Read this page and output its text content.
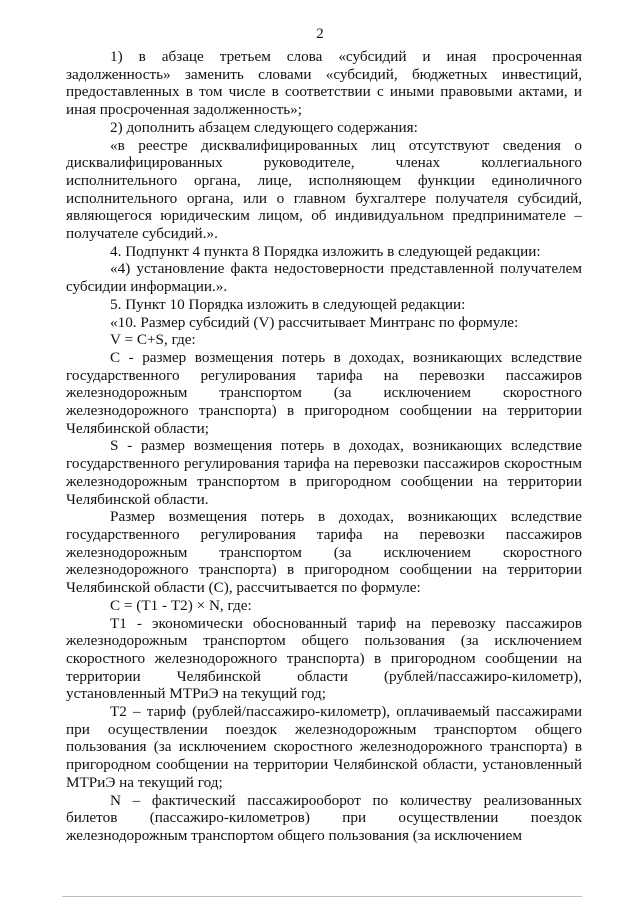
2

1) в абзаце третьем слова «субсидий и иная просроченная задолженность» заменить словами «субсидий, бюджетных инвестиций, предоставленных в том числе в соответствии с иными правовыми актами, и иная просроченная задолженность»;

2) дополнить абзацем следующего содержания:

«в реестре дисквалифицированных лиц отсутствуют сведения о дисквалифицированных руководителе, членах коллегиального исполнительного органа, лице, исполняющем функции единоличного исполнительного органа, или о главном бухгалтере получателя субсидий, являющегося юридическим лицом, об индивидуальном предпринимателе – получателе субсидий.».

4. Подпункт 4 пункта 8 Порядка изложить в следующей редакции:

«4) установление факта недостоверности представленной получателем субсидии информации.».

5. Пункт 10 Порядка изложить в следующей редакции:

«10. Размер субсидий (V) рассчитывает Минтранс по формуле:

V = C+S, где:

С - размер возмещения потерь в доходах, возникающих вследствие государственного регулирования тарифа на перевозки пассажиров железнодорожным транспортом (за исключением скоростного железнодорожного транспорта) в пригородном сообщении на территории Челябинской области;

S - размер возмещения потерь в доходах, возникающих вследствие государственного регулирования тарифа на перевозки пассажиров скоростным железнодорожным транспортом в пригородном сообщении на территории Челябинской области.

Размер возмещения потерь в доходах, возникающих вследствие государственного регулирования тарифа на перевозки пассажиров железнодорожным транспортом (за исключением скоростного железнодорожного транспорта) в пригородном сообщении на территории Челябинской области (С), рассчитывается по формуле:

С = (Т1 - Т2) × N, где:

Т1 - экономически обоснованный тариф на перевозку пассажиров железнодорожным транспортом общего пользования (за исключением скоростного железнодорожного транспорта) в пригородном сообщении на территории Челябинской области (рублей/пассажиро-километр), установленный МТРиЭ на текущий год;

Т2 – тариф (рублей/пассажиро-километр), оплачиваемый пассажирами при осуществлении поездок железнодорожным транспортом общего пользования (за исключением скоростного железнодорожного транспорта) в пригородном сообщении на территории Челябинской области, установленный МТРиЭ на текущий год;

N – фактический пассажирооборот по количеству реализованных билетов (пассажиро-километров) при осуществлении поездок железнодорожным транспортом общего пользования (за исключением
